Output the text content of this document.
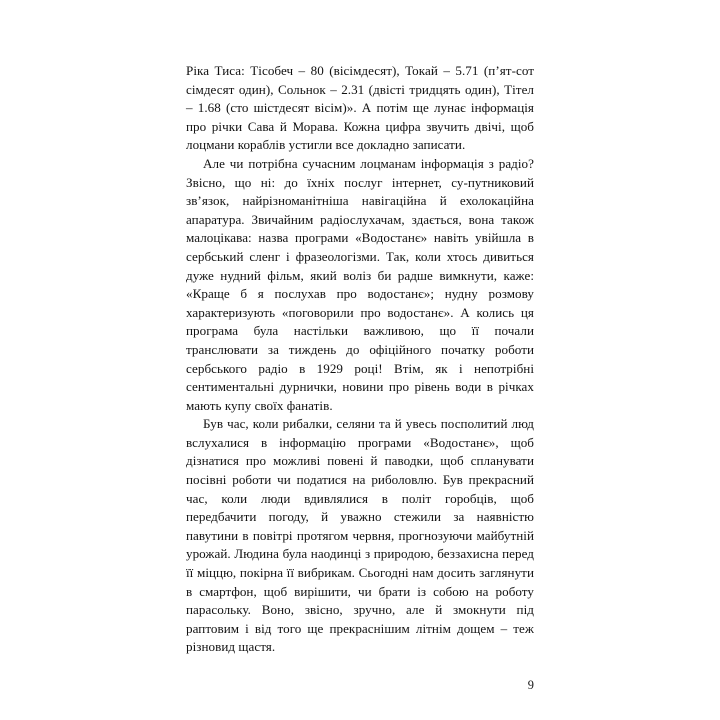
Ріка Тиса: Тісобеч – 80 (вісімдесят), Токай – 5.71 (п’ят-сот сімдесят один), Сольнок – 2.31 (двісті тридцять один), Тітел – 1.68 (сто шістдесят вісім)». А потім ще лунає інформація про річки Сава й Морава. Кожна цифра звучить двічі, щоб лоцмани кораблів устигли все докладно записати.

Але чи потрібна сучасним лоцманам інформація з радіо? Звісно, що ні: до їхніх послуг інтернет, су-путниковий зв’язок, найрізноманітніша навігаційна й ехолокаційна апаратура. Звичайним радіослухачам, здається, вона також малоцікава: назва програми «Водостанє» навіть увійшла в сербський сленг і фразеологізми. Так, коли хтось дивиться дуже нудний фільм, який воліз би радше вимкнути, каже: «Краще б я послухав про водостанє»; нудну розмову характеризують «поговорили про водостанє». А колись ця програма була настільки важливою, що її почали транслювати за тиждень до офіційного початку роботи сербського радіо в 1929 році! Втім, як і непотрібні сентиментальні дурнички, новини про рівень води в річках мають купу своїх фанатів.

Був час, коли рибалки, селяни та й увесь посполитий люд вслухалися в інформацію програми «Водостанє», щоб дізнатися про можливі повені й паводки, щоб спланувати посівні роботи чи податися на риболовлю. Був прекрасний час, коли люди вдивлялися в політ горобців, щоб передбачити погоду, й уважно стежили за наявністю павутини в повітрі протягом червня, прогнозуючи майбутній урожай. Людина була наодинці з природою, беззахисна перед її міццю, покірна її вибрикам. Сьогодні нам досить заглянути в смартфон, щоб вирішити, чи брати із собою на роботу парасольку. Воно, звісно, зручно, але й змокнути під раптовим і від того ще прекраснішим літнім дощем – теж різновид щастя.

9
